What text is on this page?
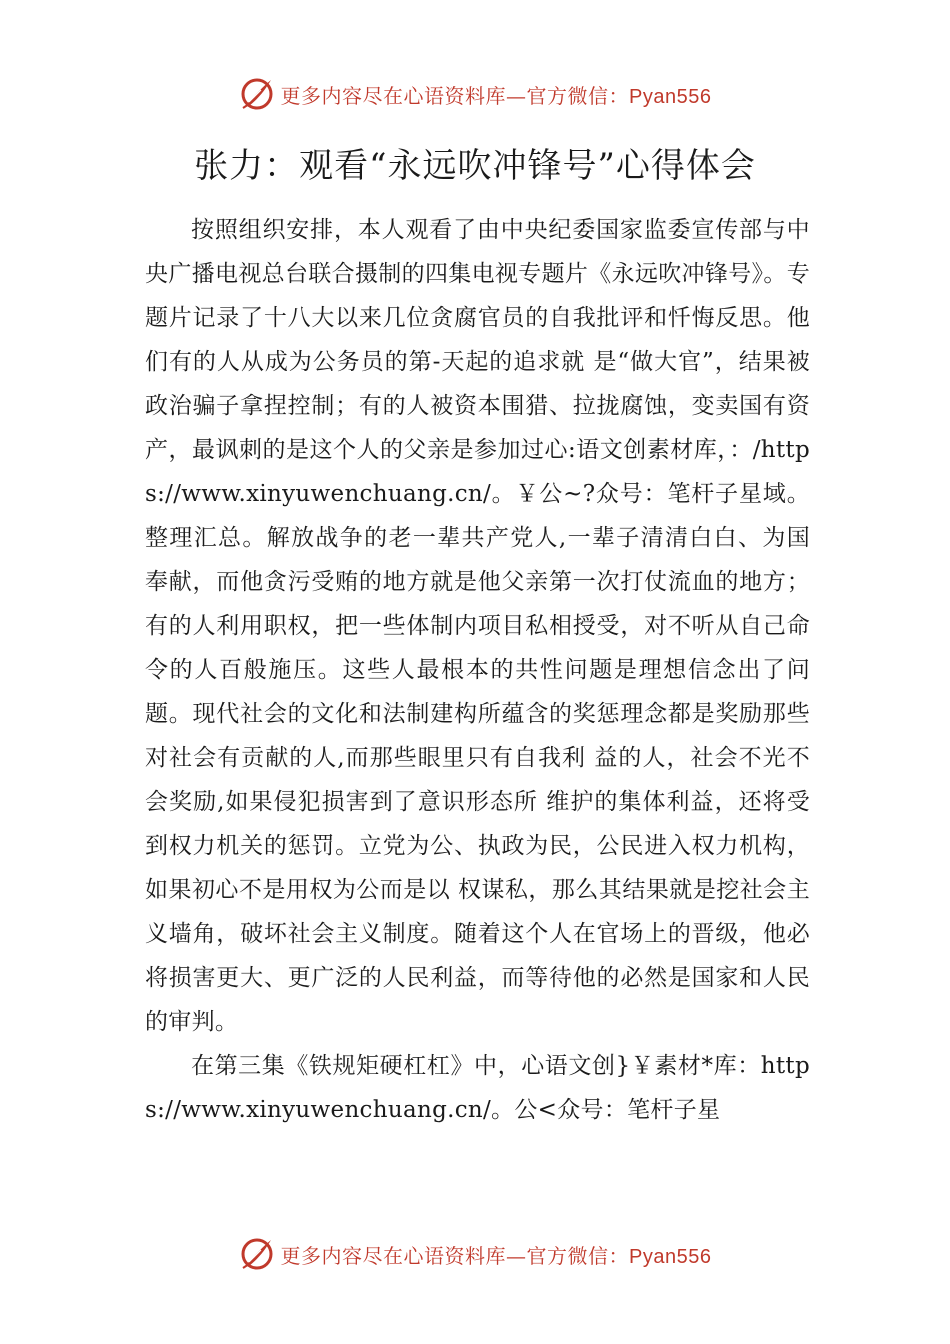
更多内容尽在心语资料库—官方微信：Pyan556
张力：观看“永远吹冲锋号”心得体会

按照组织安排，本人观看了由中央纪委国家监委宣传部与中央广播电视总台联合摄制的四集电视专题片《永远吹冲锋号》。专题片记录了十八大以来几位贪腐官员的自我批评和忏悔反思。他们有的人从成为公务员的第-天起的追求就 是“做大官”，结果被政治骗子拿捏控制；有的人被资本围猎、拉拢腐蚀，变卖国有资产，最讽刺的是这个人的父亲是参加过心:语文创素材库，：/https://www.xinyuwenchuang.cn/。￥公~?众号：笔杆子星域。整理汇总。解放战争的老一辈共产党人,一辈子清清白白、为国 奉献，而他贪污受贿的地方就是他父亲第一次打仗流血的地方；有的人利用职权，把一些体制内项目私相授受，对不听从自己命令的人百般施压。这些人最根本的共性问题是理想信念出了问题。现代社会的文化和法制建构所蕴含的奖惩理念都是奖励那些对社会有贡献的人,而那些眼里只有自我利 益的人，社会不光不会奖励,如果侵犯损害到了意识形态所 维护的集体利益，还将受到权力机关的惩罚。立党为公、执政为民，公民进入权力机构，如果初心不是用权为公而是以 权谋私，那么其结果就是挖社会主义墙角，破坏社会主义制度。随着这个人在官场上的晋级，他必将损害更大、更广泛的人民利益，而等待他的必然是国家和人民的审判。

在第三集《铁规矩硬杠杠》中，心语文创}￥素材*库：https://www.xinyuwenchuang.cn/。公<众号：笔杆子星

更多内容尽在心语资料库—官方微信：Pyan556
